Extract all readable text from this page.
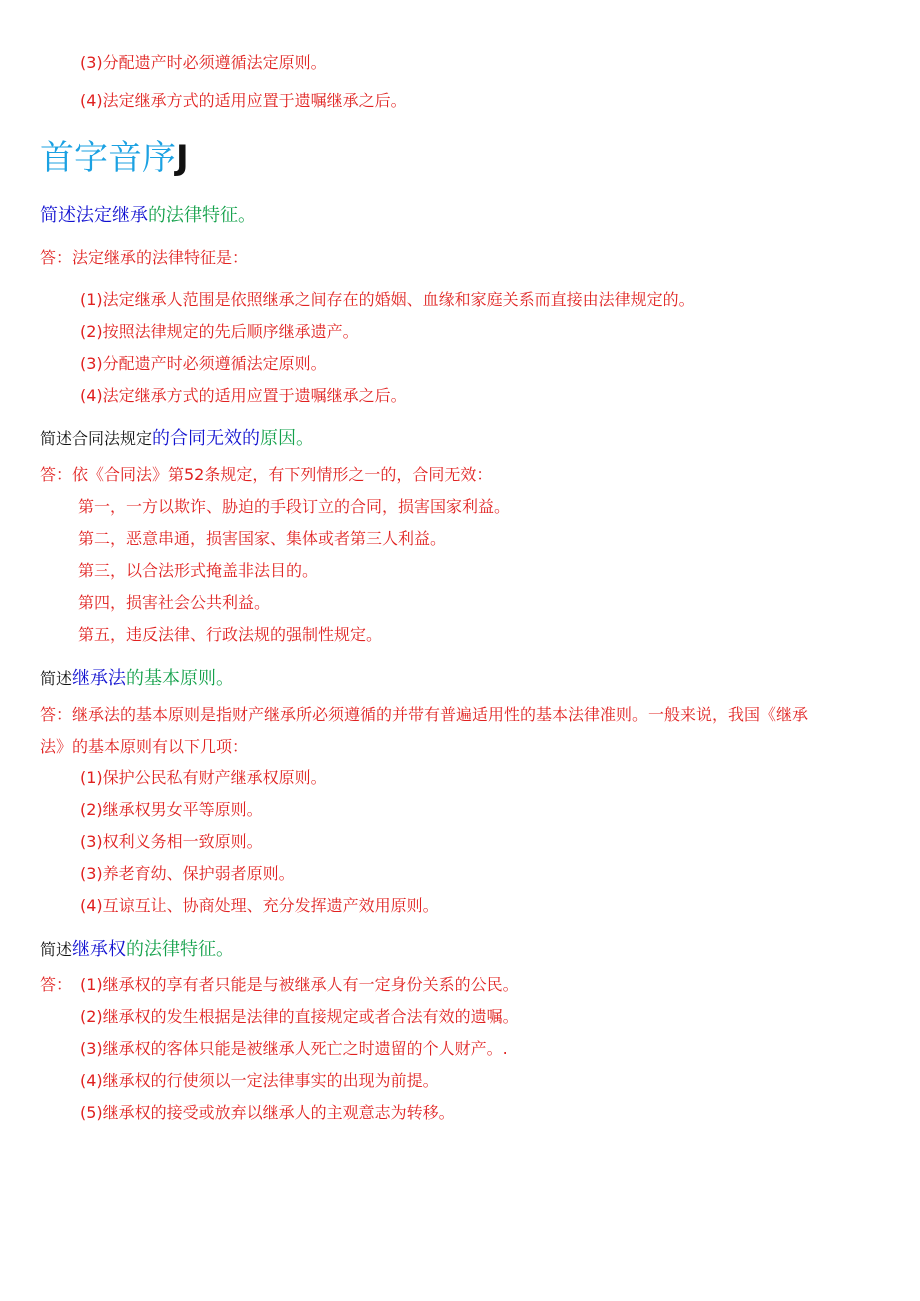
(3)分配遗产时必须遵循法定原则。
(4)法定继承方式的适用应置于遗嘱继承之后。
首字音序J
简述法定继承的法律特征。
答：法定继承的法律特征是：
(1)法定继承人范围是依照继承之间存在的婚姻、血缘和家庭关系而直接由法律规定的。
(2)按照法律规定的先后顺序继承遗产。
(3)分配遗产时必须遵循法定原则。
(4)法定继承方式的适用应置于遗嘱继承之后。
简述合同法规定的合同无效的原因。
答：依《合同法》第52条规定，有下列情形之一的，合同无效：
第一，一方以欺诈、胁迫的手段订立的合同，损害国家利益。
第二，恶意串通，损害国家、集体或者第三人利益。
第三，以合法形式掩盖非法目的。
第四，损害社会公共利益。
第五，违反法律、行政法规的强制性规定。
简述继承法的基本原则。
答：继承法的基本原则是指财产继承所必须遵循的并带有普遍适用性的基本法律准则。一般来说，我国《继承
法》的基本原则有以下几项：
(1)保护公民私有财产继承权原则。
(2)继承权男女平等原则。
(3)权利义务相一致原则。
(3)养老育幼、保护弱者原则。
(4)互谅互让、协商处理、充分发挥遗产效用原则。
简述继承权的法律特征。
答： (1)继承权的享有者只能是与被继承人有一定身份关系的公民。
(2)继承权的发生根据是法律的直接规定或者合法有效的遗嘱。
(3)继承权的客体只能是被继承人死亡之时遗留的个人财产。.
(4)继承权的行使须以一定法律事实的出现为前提。
(5)继承权的接受或放弃以继承人的主观意志为转移。
